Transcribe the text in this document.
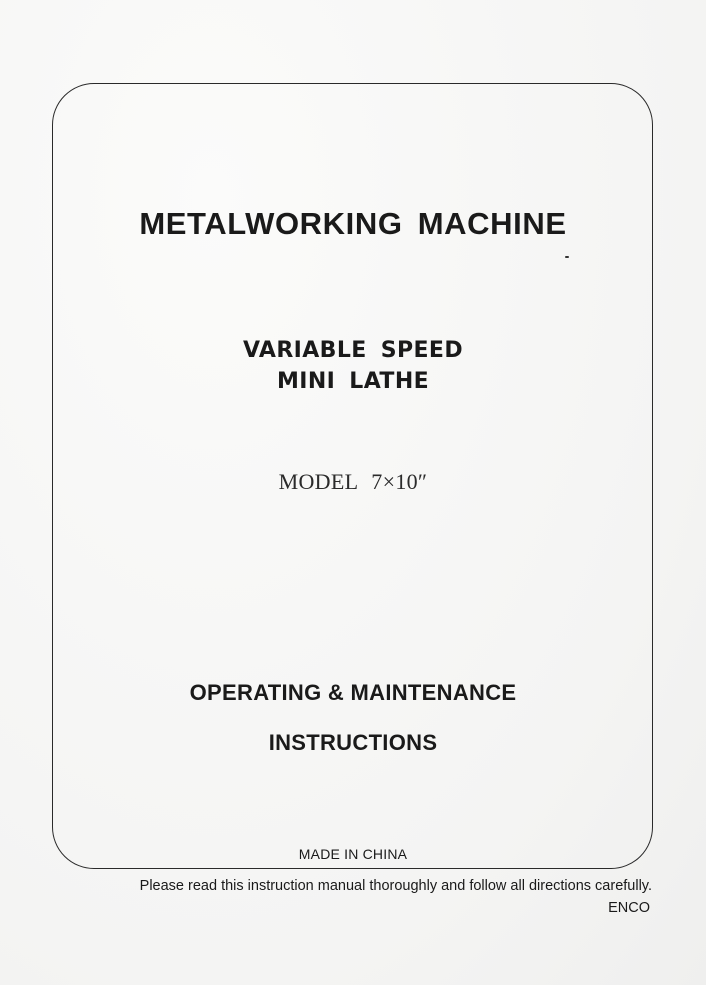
METALWORKING MACHINE
VARIABLE SPEED
MINI LATHE
MODEL 7×10″
OPERATING & MAINTENANCE
INSTRUCTIONS
MADE IN CHINA
Please read this instruction manual thoroughly and follow all directions carefully.
ENCO
